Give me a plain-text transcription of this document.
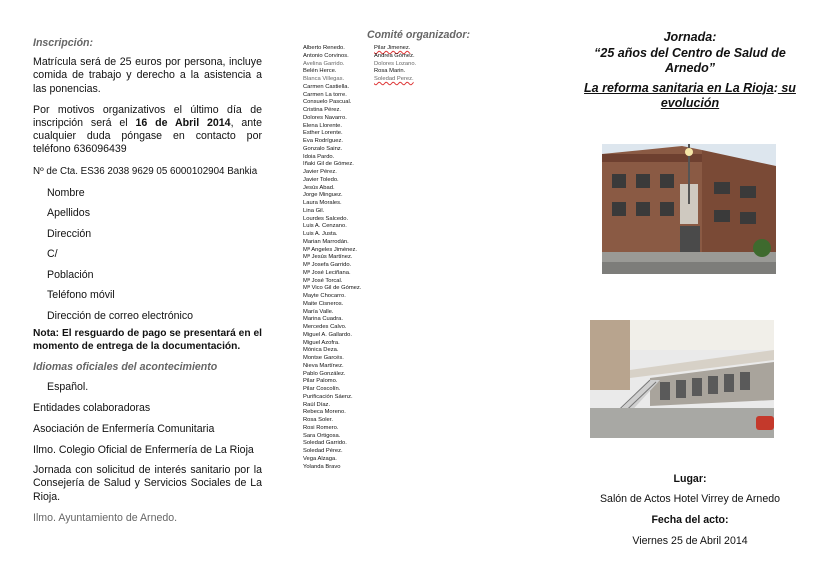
Inscripción:
Matrícula será de 25 euros por persona, incluye comida de trabajo y derecho a la asistencia a las ponencias.
Por motivos organizativos el último día de inscripción será el 16 de Abril 2014, ante cualquier duda póngase en contacto por teléfono 636096439
Nº de Cta. ES36 2038 9629 05 6000102904 Bankia
Nombre
Apellidos
Dirección
C/
Población
Teléfono móvil
Dirección de correo electrónico
Nota: El resguardo de pago se presentará en el momento de entrega de la documentación.
Idiomas oficiales del acontecimiento
Español.
Entidades colaboradoras
Asociación de Enfermería Comunitaria
Ilmo. Colegio Oficial de Enfermería de La Rioja
Jornada con solicitud de interés sanitario por la Consejería de Salud y Servicios Sociales de La Rioja.
Ilmo. Ayuntamiento de Arnedo.
Comité organizador:
Alberto Renedo.
Antonio Corvinos.
Avelina Garrido.
Belén Herce.
Blanca Villegas.
Carmen Castiella.
Carmen La torre.
Consuelo Pascual.
Cristina Pérez.
Dolores Navarro.
Elena Llorente.
Esther Lorente.
Eva Rodríguez.
Gonzalo Sainz.
Idoia Pardo.
Iñaki Gil de Gómez.
Javier Pérez.
Javier Toledo.
Jesús Abad.
Jorge Minguez.
Laura Morales.
Lina Gil.
Lourdes Salcedo.
Luis A. Cenzano.
Luis A. Justa.
Marian Marrodán.
Mª Angeles Jiménez.
Mª Jesús Martínez.
Mª Josefa Garrido.
Mª José Leciñana.
Mª José Torcal.
Mª Vico Gil de Gómez.
Mayte Chocarro.
Maite Cisneros.
María Valle.
Marina Cuadra.
Mercedes Calvo.
Miguel A. Gallardo.
Miguel Azofra.
Mónica Deza.
Montse Garcés.
Nieva Martínez.
Pablo González.
Pilar Palomo.
Pilar Coscolín.
Purificación Sáenz.
Raúl Díaz.
Rebeca Moreno.
Rosa Soler.
Rosi Romero.
Sara Ortigosa.
Soledad Garrido.
Soledad Pérez.
Vega Alzaga.
Yolanda Bravo
Pilar Jimenez.
Andrea Gómez.
Dolores Lozano.
Rosa Marin.
Soledad Perez.
Jornada:
“25 años del Centro de Salud de Arnedo”
La reforma sanitaria en La Rioja: su evolución
Lugar:
Salón de Actos Hotel Virrey de Arnedo
Fecha del acto:
Viernes 25 de Abril 2014
